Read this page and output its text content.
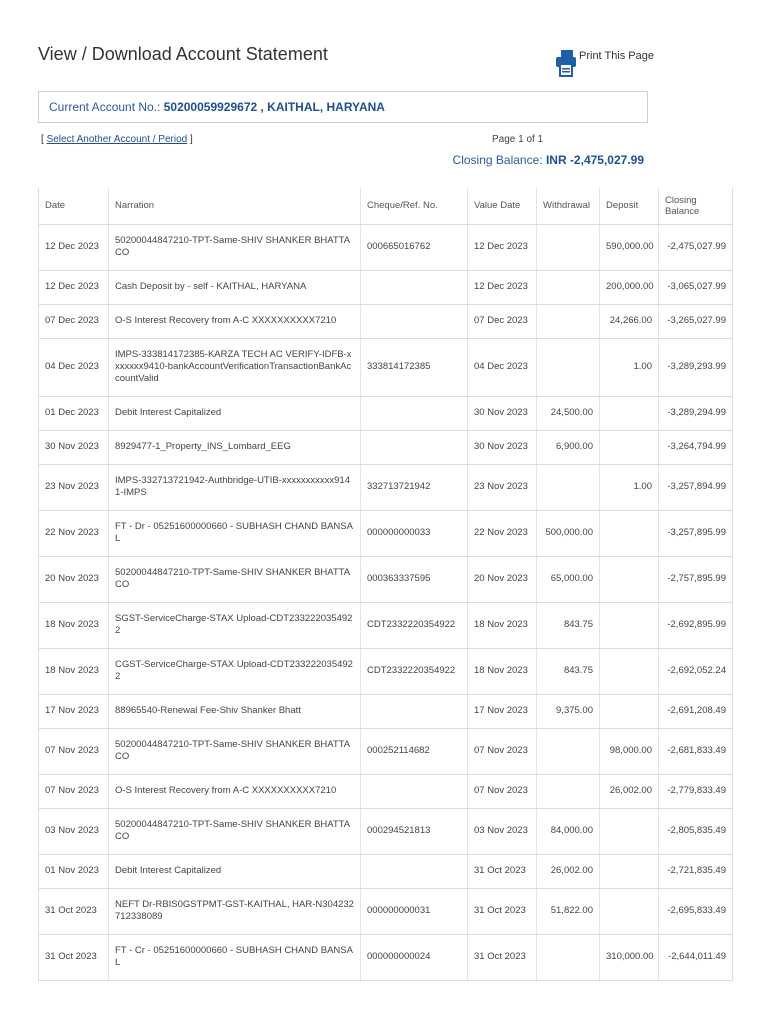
View / Download Account Statement	Print This Page
Current Account No.: 50200059929672 , KAITHAL, HARYANA
[ Select Another Account / Period ]	Page 1 of 1
Closing Balance: INR -2,475,027.99
Date	Narration	Cheque/Ref. No.	Value Date	Withdrawal	Deposit	Closing Balance
12 Dec 2023	50200044847210-TPT-Same-SHIV SHANKER BHATTA CO	000665016762	12 Dec 2023		590,000.00	-2,475,027.99
12 Dec 2023	Cash Deposit by - self - KAITHAL, HARYANA		12 Dec 2023		200,000.00	-3,065,027.99
07 Dec 2023	O-S Interest Recovery from A-C XXXXXXXXXX7210		07 Dec 2023		24,266.00	-3,265,027.99
04 Dec 2023	IMPS-333814172385-KARZA TECH AC VERIFY-IDFB-xxxxxxx9410-bankAccountVerificationTransactionBankAccountValid	333814172385	04 Dec 2023		1.00	-3,289,293.99
01 Dec 2023	Debit Interest Capitalized		30 Nov 2023	24,500.00		-3,289,294.99
30 Nov 2023	8929477-1_Property_INS_Lombard_EEG		30 Nov 2023	6,900.00		-3,264,794.99
23 Nov 2023	IMPS-332713721942-Authbridge-UTIB-xxxxxxxxxxx9141-IMPS	332713721942	23 Nov 2023		1.00	-3,257,894.99
22 Nov 2023	FT - Dr - 05251600000660 - SUBHASH CHAND BANSAL	000000000033	22 Nov 2023	500,000.00		-3,257,895.99
20 Nov 2023	50200044847210-TPT-Same-SHIV SHANKER BHATTA CO	000363337595	20 Nov 2023	65,000.00		-2,757,895.99
18 Nov 2023	SGST-ServiceCharge-STAX Upload-CDT2332220354922	CDT2332220354922	18 Nov 2023	843.75		-2,692,895.99
18 Nov 2023	CGST-ServiceCharge-STAX Upload-CDT2332220354922	CDT2332220354922	18 Nov 2023	843.75		-2,692,052.24
17 Nov 2023	88965540-Renewal Fee-Shiv Shanker Bhatt		17 Nov 2023	9,375.00		-2,691,208.49
07 Nov 2023	50200044847210-TPT-Same-SHIV SHANKER BHATTA CO	000252114682	07 Nov 2023		98,000.00	-2,681,833.49
07 Nov 2023	O-S Interest Recovery from A-C XXXXXXXXXX7210		07 Nov 2023		26,002.00	-2,779,833.49
03 Nov 2023	50200044847210-TPT-Same-SHIV SHANKER BHATTA CO	000294521813	03 Nov 2023	84,000.00		-2,805,835.49
01 Nov 2023	Debit Interest Capitalized		31 Oct 2023	26,002.00		-2,721,835.49
31 Oct 2023	NEFT Dr-RBIS0GSTPMT-GST-KAITHAL, HAR-N304232712338089	000000000031	31 Oct 2023	51,822.00		-2,695,833.49
31 Oct 2023	FT - Cr - 05251600000660 - SUBHASH CHAND BANSAL	000000000024	31 Oct 2023		310,000.00	-2,644,011.49
